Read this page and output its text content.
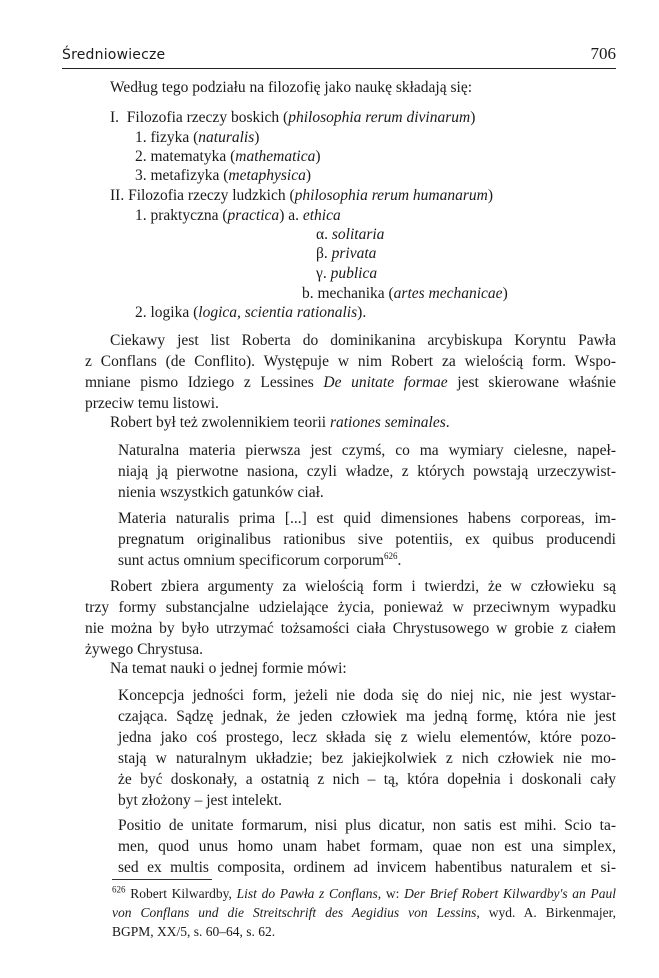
Średniowiecze	706
Według tego podziału na filozofię jako naukę składają się:
I. Filozofia rzeczy boskich (philosophia rerum divinarum)
1. fizyka (naturalis)
2. matematyka (mathematica)
3. metafizyka (metaphysica)
II. Filozofia rzeczy ludzkich (philosophia rerum humanarum)
1. praktyczna (practica) a. ethica
α. solitaria
β. privata
γ. publica
b. mechanika (artes mechanicae)
2. logika (logica, scientia rationalis).
Ciekawy jest list Roberta do dominikanina arcybiskupa Koryntu Pawła
z Conflans (de Conflito). Występuje w nim Robert za wielością form. Wspo-
mniane pismo Idziego z Lessines De unitate formae jest skierowane właśnie
przeciw temu listowi.
Robert był też zwolennikiem teorii rationes seminales.
Naturalna materia pierwsza jest czymś, co ma wymiary cielesne, napeł-
niają ją pierwotne nasiona, czyli władze, z których powstają urzeczywist-
nienia wszystkich gatunków ciał.
Materia naturalis prima [...] est quid dimensiones habens corporeas, im-
pregnatum originalibus rationibus sive potentiis, ex quibus producendi
sunt actus omnium specificorum corporum$^{626}$.
Robert zbiera argumenty za wielością form i twierdzi, że w człowieku są
trzy formy substancjalne udzielające życia, ponieważ w przeciwnym wypadku
nie można by było utrzymać tożsamości ciała Chrystusowego w grobie z ciałem
żywego Chrystusa.
Na temat nauki o jednej formie mówi:
Koncepcja jedności form, jeżeli nie doda się do niej nic, nie jest wystar-
czająca. Sądzę jednak, że jeden człowiek ma jedną formę, która nie jest
jedna jako coś prostego, lecz składa się z wielu elementów, które pozo-
stają w naturalnym układzie; bez jakiejkolwiek z nich człowiek nie mo-
że być doskonały, a ostatnią z nich – tą, która dopełnia i doskonali cały
byt złożony – jest intelekt.
Positio de unitate formarum, nisi plus dicatur, non satis est mihi. Scio ta-
men, quod unus homo unam habet formam, quae non est una simplex,
sed ex multis composita, ordinem ad invicem habentibus naturalem et si-
$^{626}$ Robert Kilwardby, List do Pawła z Conflans, w: Der Brief Robert Kilwardby's an Paul
von Conflans und die Streitschrift des Aegidius von Lessins, wyd. A. Birkenmajer,
BGPM, XX/5, s. 60–64, s. 62.
